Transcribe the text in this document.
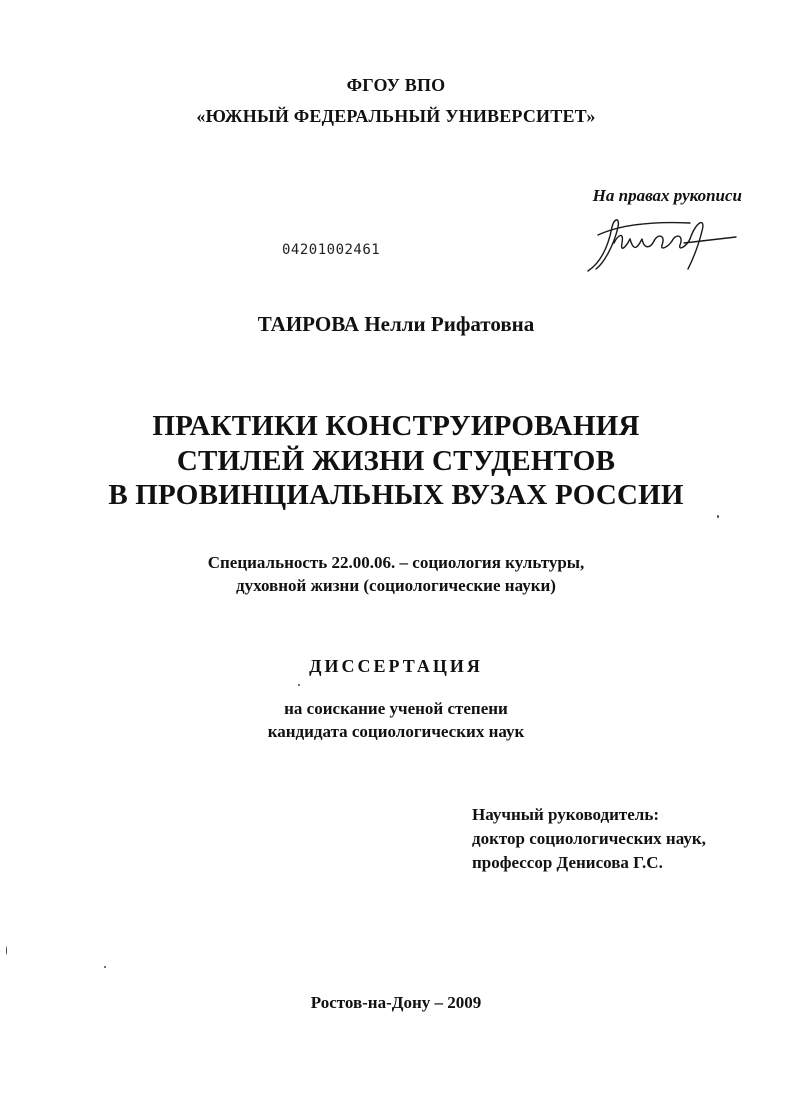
ФГОУ ВПО
«ЮЖНЫЙ ФЕДЕРАЛЬНЫЙ УНИВЕРСИТЕТ»
На правах рукописи
04201002461
ТАИРОВА Нелли Рифатовна
ПРАКТИКИ КОНСТРУИРОВАНИЯ
СТИЛЕЙ ЖИЗНИ СТУДЕНТОВ
В ПРОВИНЦИАЛЬНЫХ ВУЗАХ РОССИИ
Специальность 22.00.06. – социология культуры,
духовной жизни (социологические науки)
ДИССЕРТАЦИЯ
на соискание ученой степени
кандидата социологических наук
Научный руководитель:
доктор социологических наук,
профессор Денисова Г.С.
Ростов-на-Дону – 2009
